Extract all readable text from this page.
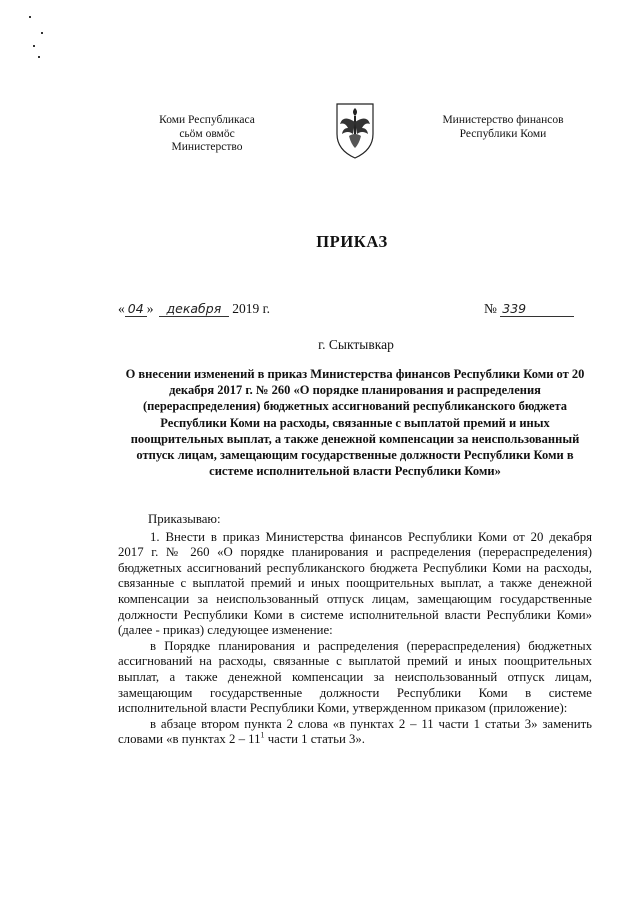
Коми Республикаса
сьӧм овмӧс
Министерство
Министерство финансов
Республики Коми
ПРИКАЗ
« 04 » декабря 2019 г.	№ 339
г. Сыктывкар
О внесении изменений в приказ Министерства финансов Республики Коми от 20 декабря 2017 г. № 260 «О порядке планирования и распределения (перераспределения) бюджетных ассигнований республиканского бюджета Республики Коми на расходы, связанные с выплатой премий и иных поощрительных выплат, а также денежной компенсации за неиспользованный отпуск лицам, замещающим государственные должности Республики Коми в системе исполнительной власти Республики Коми»

Приказываю:

1. Внести в приказ Министерства финансов Республики Коми от 20 декабря 2017 г. № 260 «О порядке планирования и распределения (перераспределения) бюджетных ассигнований республиканского бюджета Республики Коми на расходы, связанные с выплатой премий и иных поощрительных выплат, а также денежной компенсации за неиспользованный отпуск лицам, замещающим государственные должности Республики Коми в системе исполнительной власти Республики Коми» (далее - приказ) следующее изменение:

в Порядке планирования и распределения (перераспределения) бюджетных ассигнований на расходы, связанные с выплатой премий и иных поощрительных выплат, а также денежной компенсации за неиспользованный отпуск лицам, замещающим государственные должности Республики Коми в системе исполнительной власти Республики Коми, утвержденном приказом (приложение):

в абзаце втором пункта 2 слова «в пунктах 2 – 11 части 1 статьи 3» заменить словами «в пунктах $2 - 11^1$ части 1 статьи 3».
